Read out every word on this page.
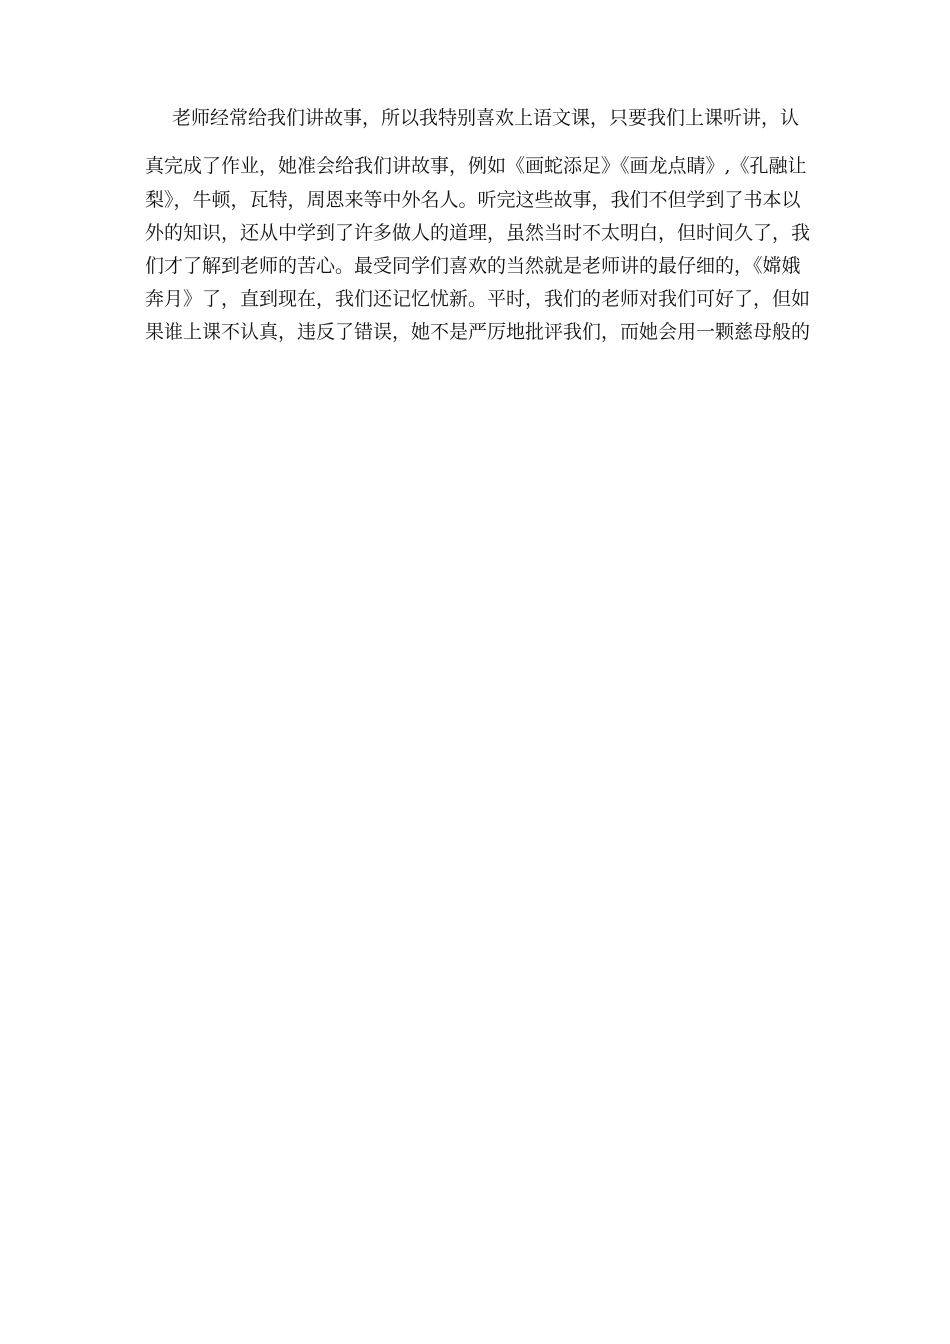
老师经常给我们讲故事，所以我特别喜欢上语文课，只要我们上课听讲，认
真完成了作业，她准会给我们讲故事，例如《画蛇添足》《画龙点睛》,《孔融让
梨》，牛顿，瓦特，周恩来等中外名人。听完这些故事，我们不但学到了书本以
外的知识，还从中学到了许多做人的道理，虽然当时不太明白，但时间久了，我
们才了解到老师的苦心。最受同学们喜欢的当然就是老师讲的最仔细的，《嫦娥
奔月》了，直到现在，我们还记忆忧新。平时，我们的老师对我们可好了，但如
果谁上课不认真，违反了错误，她不是严厉地批评我们，而她会用一颗慈母般的
